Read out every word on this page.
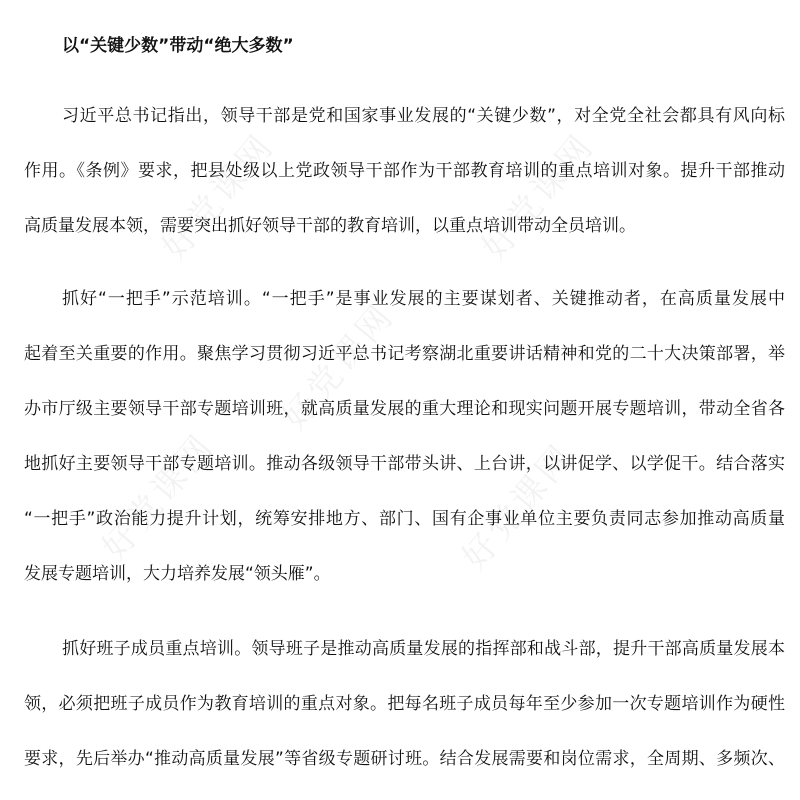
好党课网	好党课网
好党课网
好党课网	好党课网
以“关键少数”带动“绝大多数”
习近平总书记指出，领导干部是党和国家事业发展的“关键少数”，对全党全社会都具有风向标
作用。《条例》要求，把县处级以上党政领导干部作为干部教育培训的重点培训对象。提升干部推动
高质量发展本领，需要突出抓好领导干部的教育培训，以重点培训带动全员培训。
抓好“一把手”示范培训。“一把手”是事业发展的主要谋划者、关键推动者，在高质量发展中
起着至关重要的作用。聚焦学习贯彻习近平总书记考察湖北重要讲话精神和党的二十大决策部署，举
办市厅级主要领导干部专题培训班，就高质量发展的重大理论和现实问题开展专题培训，带动全省各
地抓好主要领导干部专题培训。推动各级领导干部带头讲、上台讲，以讲促学、以学促干。结合落实
“一把手”政治能力提升计划，统筹安排地方、部门、国有企事业单位主要负责同志参加推动高质量
发展专题培训，大力培养发展“领头雁”。
抓好班子成员重点培训。领导班子是推动高质量发展的指挥部和战斗部，提升干部高质量发展本
领，必须把班子成员作为教育培训的重点对象。把每名班子成员每年至少参加一次专题培训作为硬性
要求，先后举办“推动高质量发展”等省级专题研讨班。结合发展需要和岗位需求，全周期、多频次、
